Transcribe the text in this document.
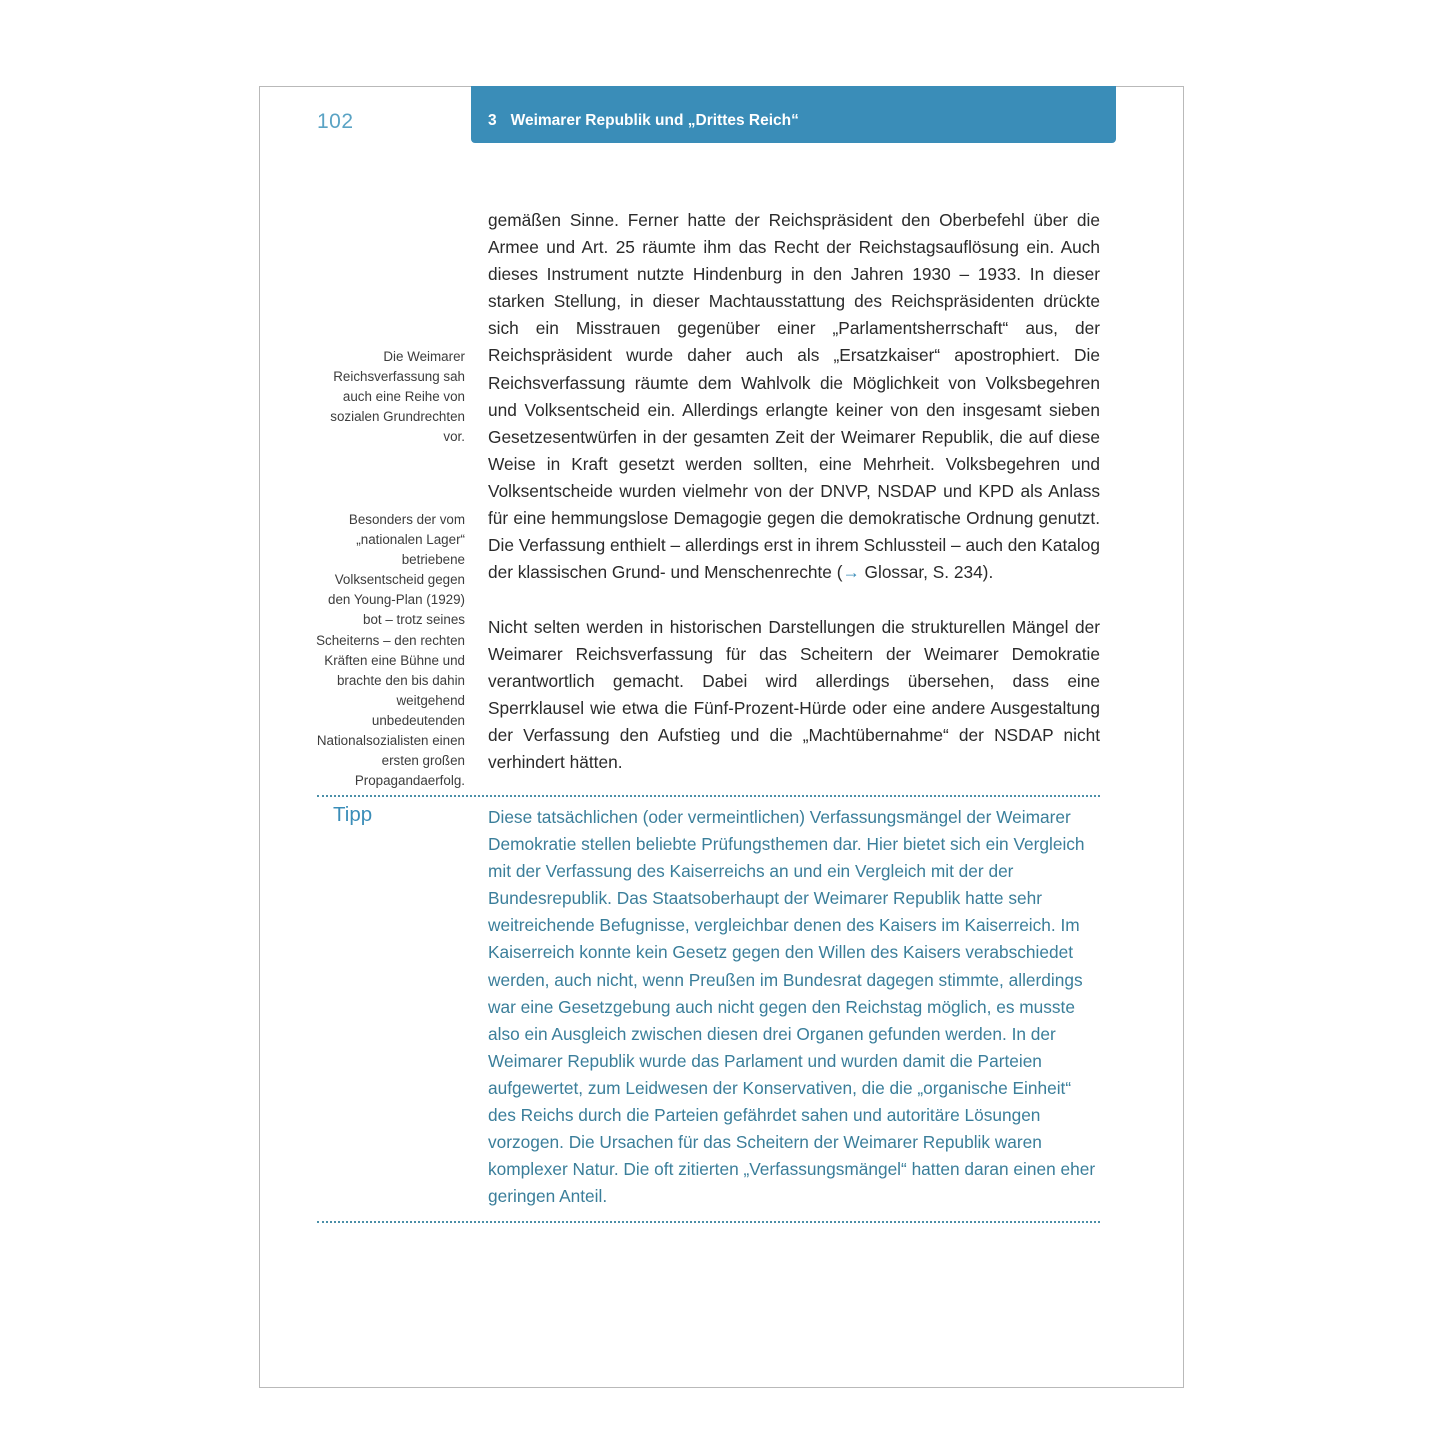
102	3 Weimarer Republik und „Drittes Reich“

gemäßen Sinne. Ferner hatte der Reichspräsident den Oberbefehl über die Armee und Art. 25 räumte ihm das Recht der Reichstagsauflösung ein. Auch dieses Instrument nutzte Hindenburg in den Jahren 1930 – 1933. In dieser starken Stellung, in dieser Machtausstattung des Reichspräsidenten drückte sich ein Misstrauen gegenüber einer „Parlamentsherrschaft“ aus, der Reichspräsident wurde daher auch als „Ersatzkaiser“ apostrophiert. Die Reichsverfassung räumte dem Wahlvolk die Möglichkeit von Volksbegehren und Volksentscheid ein. Allerdings erlangte keiner von den insgesamt sieben Gesetzesentwürfen in der gesamten Zeit der Weimarer Republik, die auf diese Weise in Kraft gesetzt werden sollten, eine Mehrheit. Volksbegehren und Volksentscheide wurden vielmehr von der DNVP, NSDAP und KPD als Anlass für eine hemmungslose Demagogie gegen die demokratische Ordnung genutzt. Die Verfassung enthielt – allerdings erst in ihrem Schlussteil – auch den Katalog der klassischen Grund- und Menschenrechte (→ Glossar, S. 234).

Nicht selten werden in historischen Darstellungen die strukturellen Mängel der Weimarer Reichsverfassung für das Scheitern der Weimarer Demokratie verantwortlich gemacht. Dabei wird allerdings übersehen, dass eine Sperrklausel wie etwa die Fünf-Prozent-Hürde oder eine andere Ausgestaltung der Verfassung den Aufstieg und die „Machtübernahme“ der NSDAP nicht verhindert hätten.

Die Weimarer Reichsverfassung sah auch eine Reihe von sozialen Grundrechten vor.
Besonders der vom „nationalen Lager“ betriebene Volksentscheid gegen den Young-Plan (1929) bot – trotz seines Scheiterns – den rechten Kräften eine Bühne und brachte den bis dahin weitgehend unbedeutenden Nationalsozialisten einen ersten großen Propagandaerfolg.
Tipp	Diese tatsächlichen (oder vermeintlichen) Verfassungsmängel der Weimarer Demokratie stellen beliebte Prüfungsthemen dar. Hier bietet sich ein Vergleich mit der Verfassung des Kaiserreichs an und ein Vergleich mit der der Bundesrepublik. Das Staatsoberhaupt der Weimarer Republik hatte sehr weitreichende Befugnisse, vergleichbar denen des Kaisers im Kaiserreich. Im Kaiserreich konnte kein Gesetz gegen den Willen des Kaisers verabschiedet werden, auch nicht, wenn Preußen im Bundesrat dagegen stimmte, allerdings war eine Gesetzgebung auch nicht gegen den Reichstag möglich, es musste also ein Ausgleich zwischen diesen drei Organen gefunden werden. In der Weimarer Republik wurde das Parlament und wurden damit die Parteien aufgewertet, zum Leidwesen der Konservativen, die die „organische Einheit“ des Reichs durch die Parteien gefährdet sahen und autoritäre Lösungen vorzogen. Die Ursachen für das Scheitern der Weimarer Republik waren komplexer Natur. Die oft zitierten „Verfassungsmängel“ hatten daran einen eher geringen Anteil.
